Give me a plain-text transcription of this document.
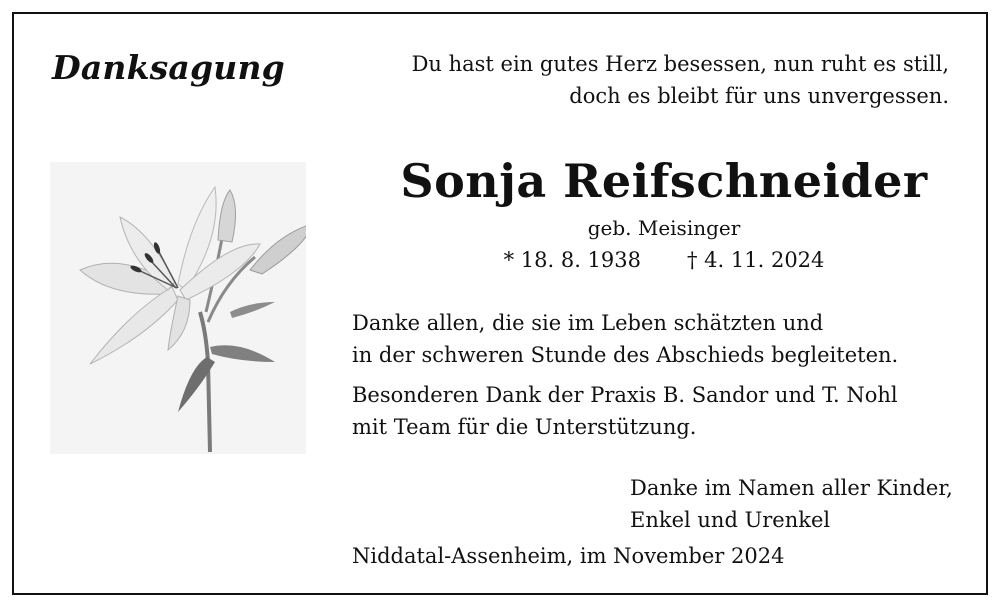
Danksagung	Du hast ein gutes Herz besessen, nun ruht es still,
doch es bleibt für uns unvergessen.
Sonja Reifschneider
geb. Meisinger
* 18. 8. 1938 † 4. 11. 2024
Danke allen, die sie im Leben schätzten und
in der schweren Stunde des Abschieds begleiteten.
Besonderen Dank der Praxis B. Sandor und T. Nohl
mit Team für die Unterstützung.
Danke im Namen aller Kinder,
Enkel und Urenkel
Niddatal-Assenheim, im November 2024
